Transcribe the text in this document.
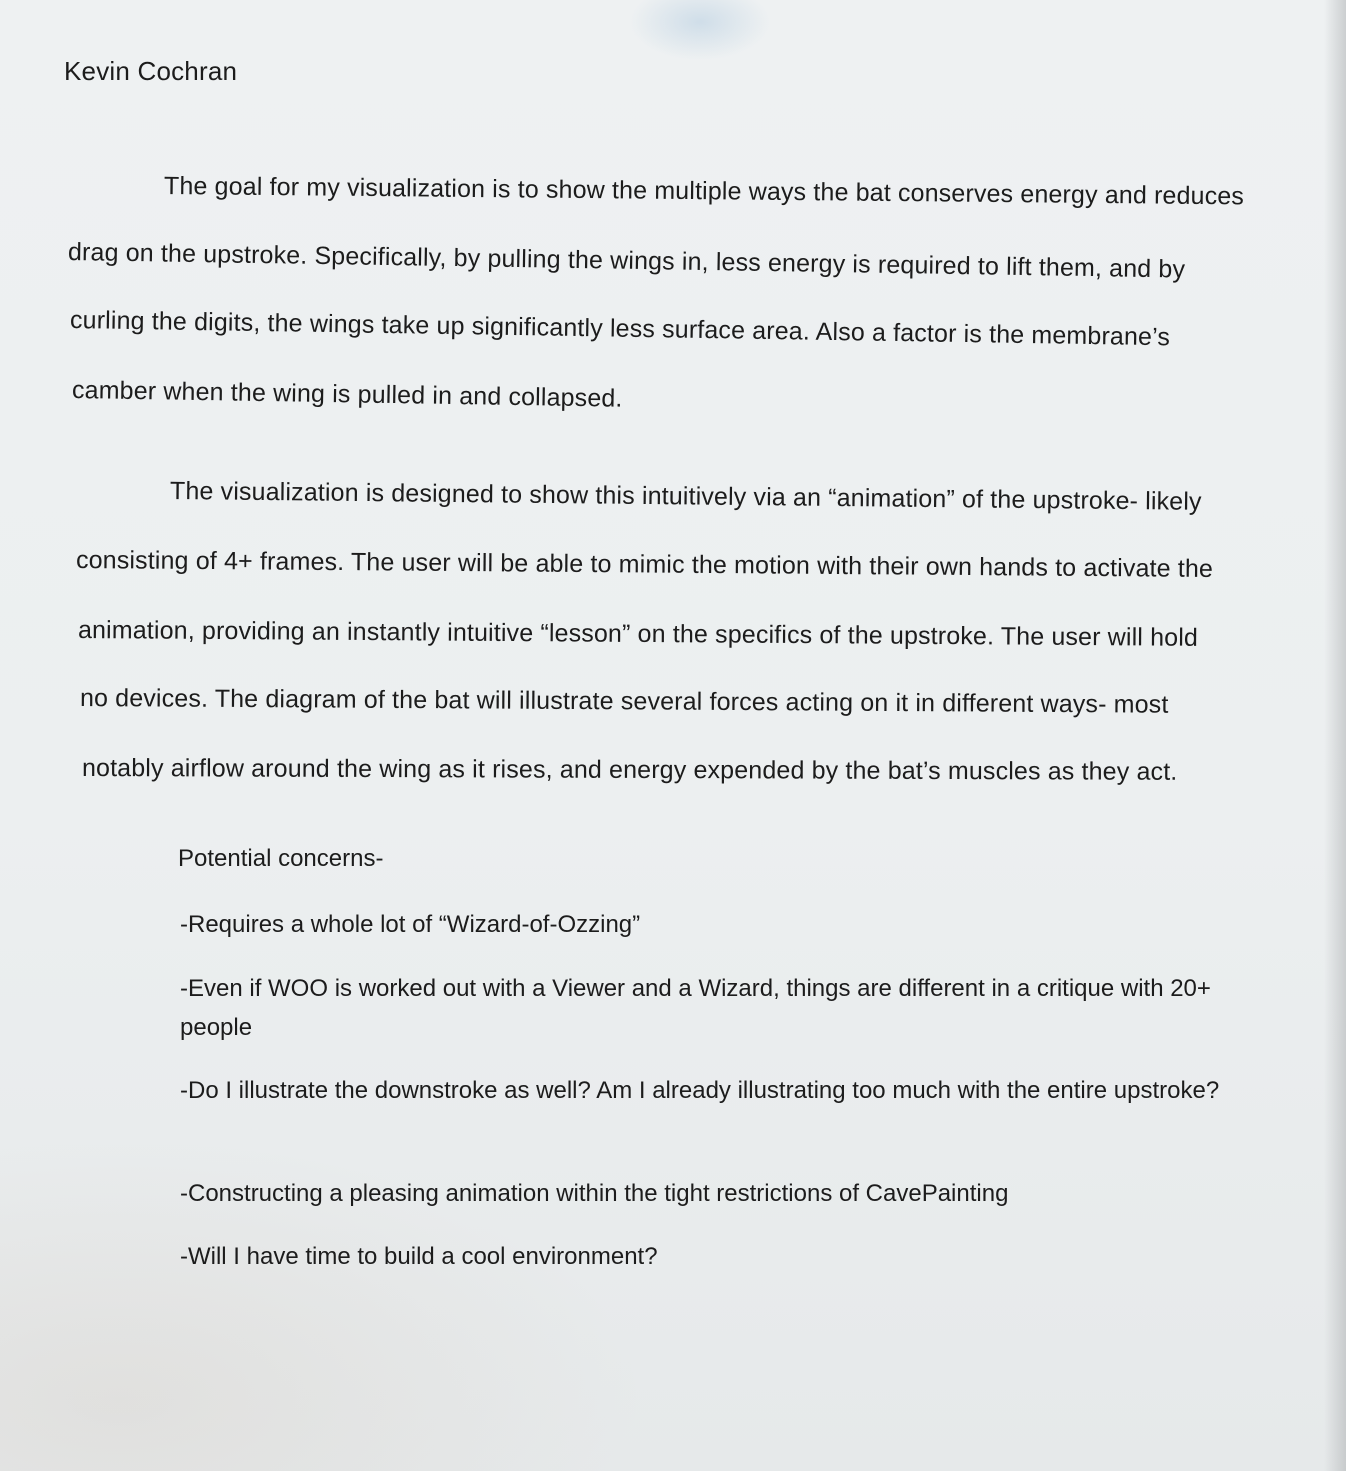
Kevin Cochran
The goal for my visualization is to show the multiple ways the bat conserves energy and reduces
drag on the upstroke. Specifically, by pulling the wings in, less energy is required to lift them, and by
curling the digits, the wings take up significantly less surface area. Also a factor is the membrane’s
camber when the wing is pulled in and collapsed.
The visualization is designed to show this intuitively via an “animation” of the upstroke- likely
consisting of 4+ frames. The user will be able to mimic the motion with their own hands to activate the
animation, providing an instantly intuitive “lesson” on the specifics of the upstroke. The user will hold
no devices. The diagram of the bat will illustrate several forces acting on it in different ways- most
notably airflow around the wing as it rises, and energy expended by the bat’s muscles as they act.
Potential concerns-
-Requires a whole lot of “Wizard-of-Ozzing”
-Even if WOO is worked out with a Viewer and a Wizard, things are different in a critique with 20+ people
-Do I illustrate the downstroke as well? Am I already illustrating too much with the entire upstroke?
-Constructing a pleasing animation within the tight restrictions of CavePainting
-Will I have time to build a cool environment?
